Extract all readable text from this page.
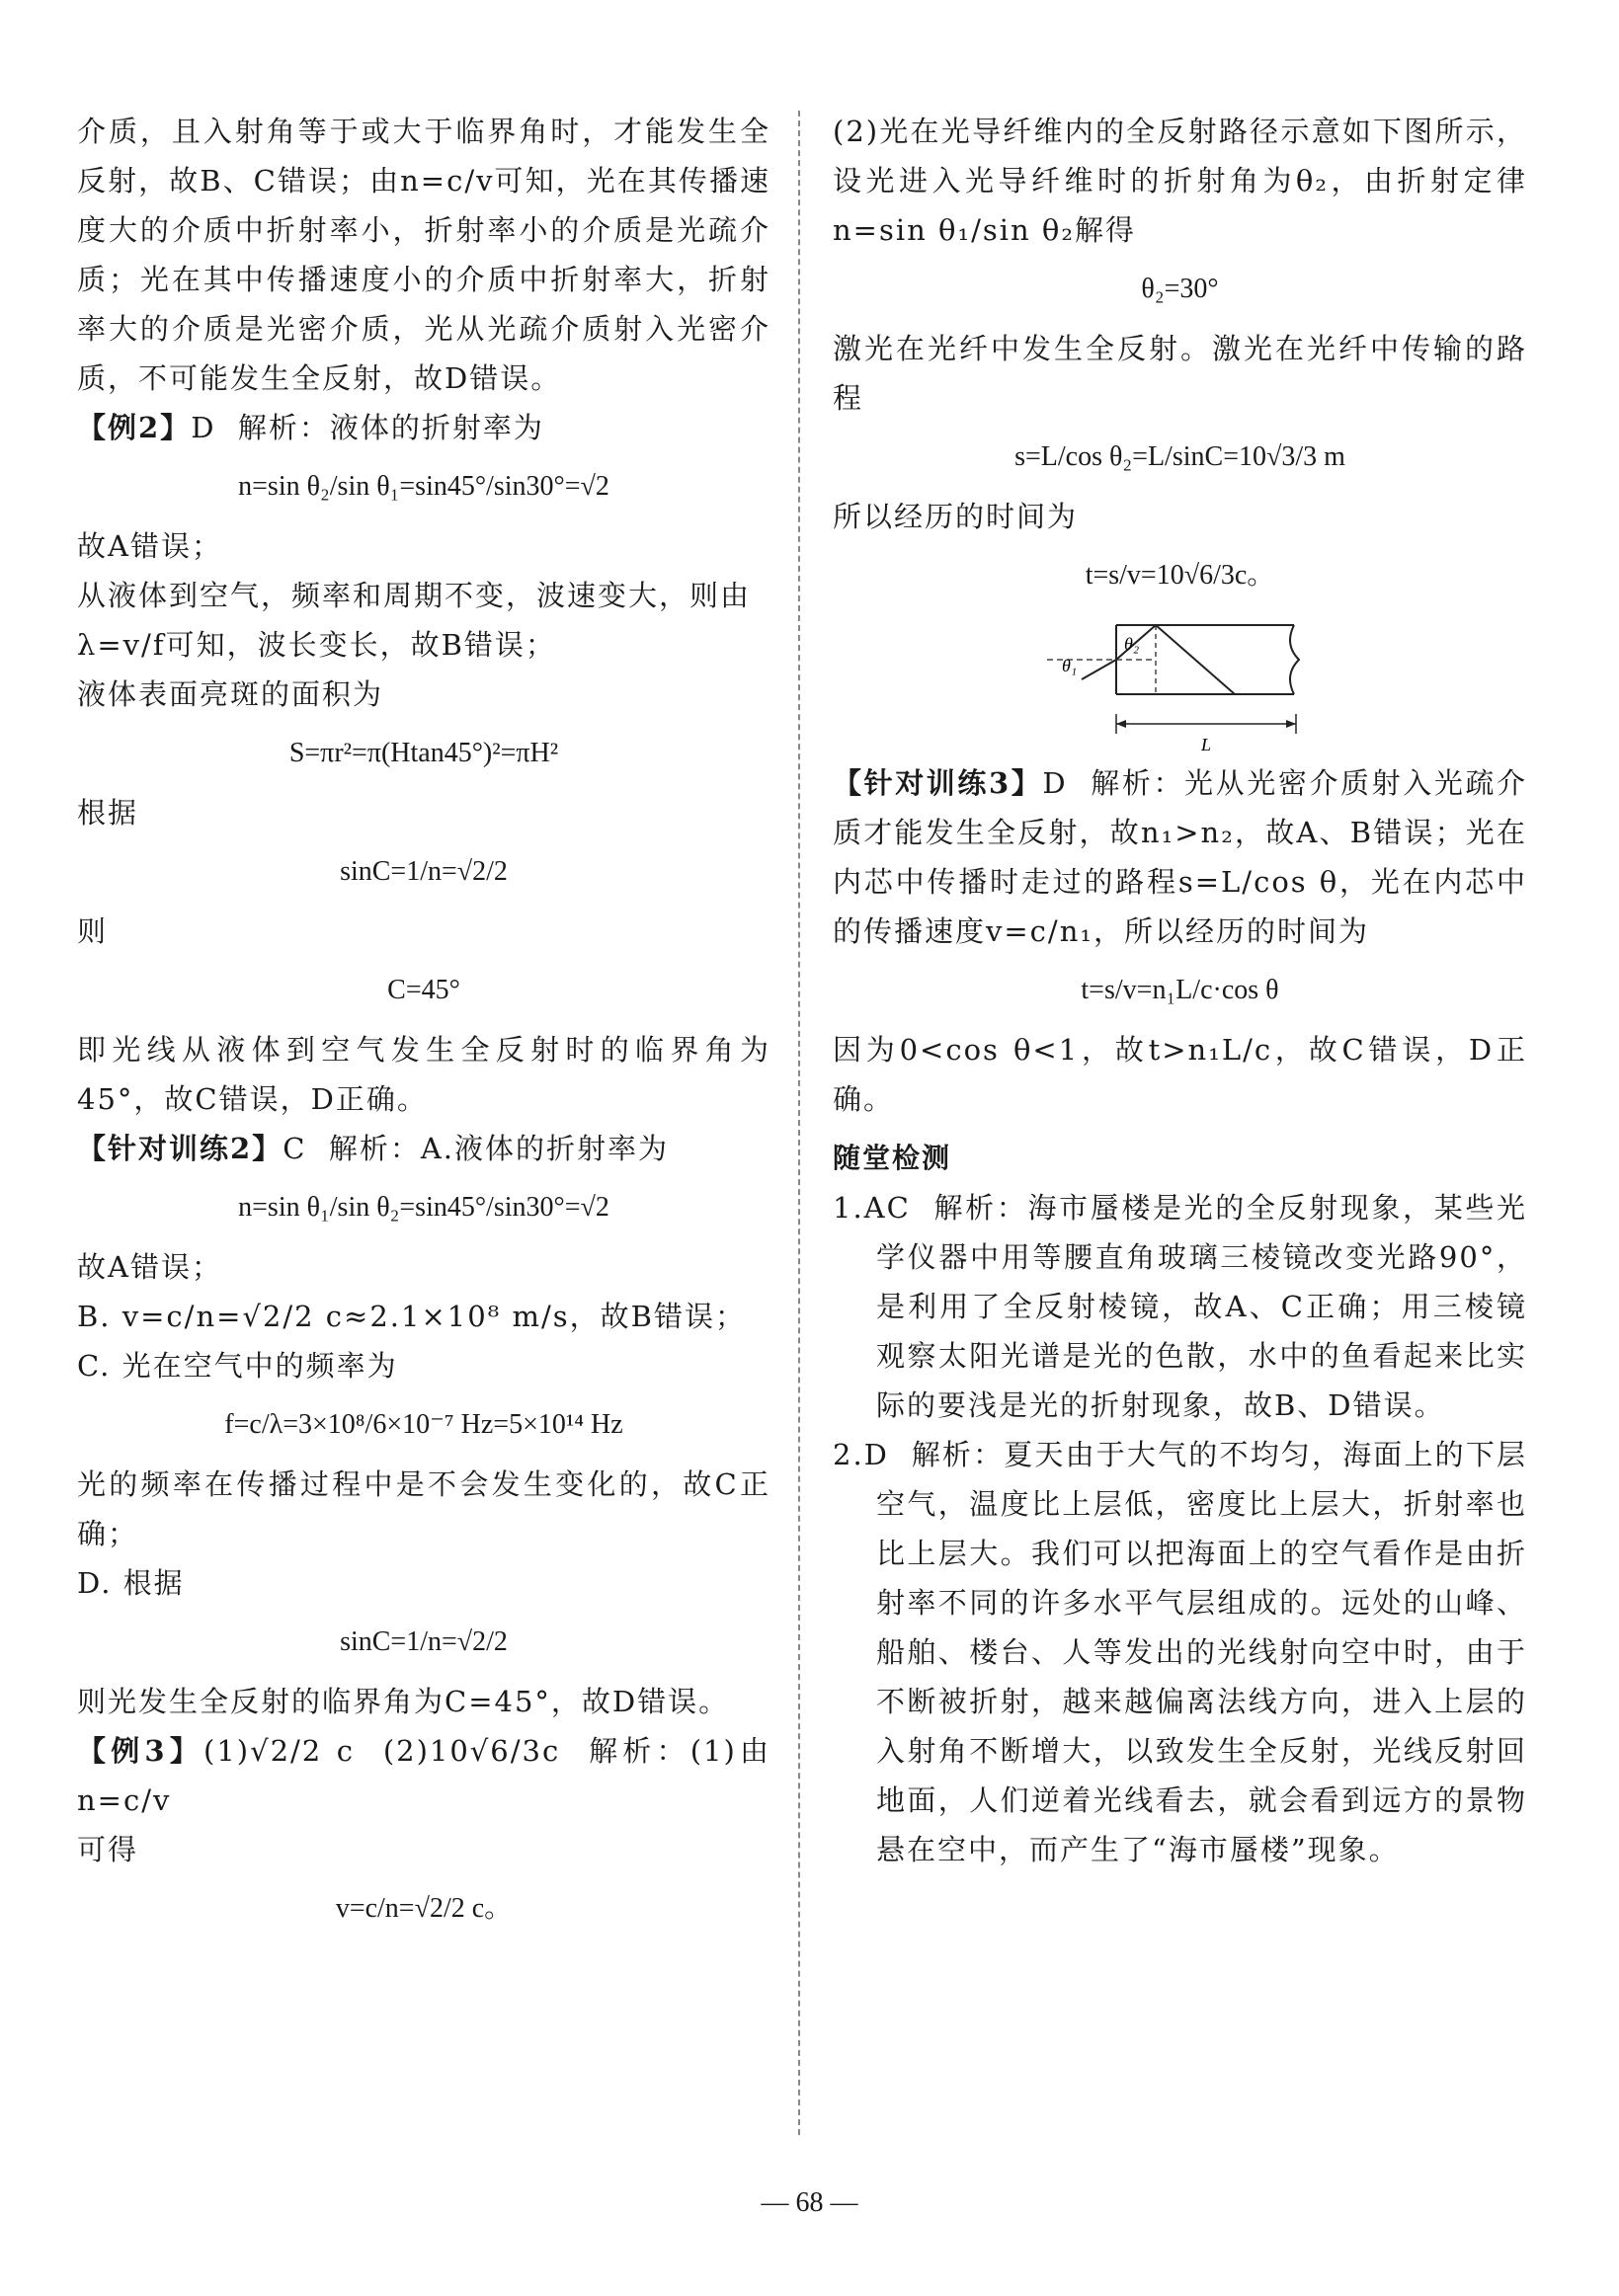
介质，且入射角等于或大于临界角时，才能发生全反射，故B、C错误；由n=c/v可知，光在其传播速度大的介质中折射率小，折射率小的介质是光疏介质；光在其中传播速度小的介质中折射率大，折射率大的介质是光密介质，光从光疏介质射入光密介质，不可能发生全反射，故D错误。

【例2】D 解析：液体的折射率为

n=sin θ₂/sin θ₁=sin45°/sin30°=√2

故A错误；

从液体到空气，频率和周期不变，波速变大，则由

λ=v/f可知，波长变长，故B错误；

液体表面亮斑的面积为

S=πr²=π(Htan45°)²=πH²

根据

sinC=1/n=√2/2

则

C=45°

即光线从液体到空气发生全反射时的临界角为45°，故C错误，D正确。

【针对训练2】C 解析：A.液体的折射率为

n=sin θ₁/sin θ₂=sin45°/sin30°=√2

故A错误；

B. v=c/n=√2/2 c≈2.1×10⁸ m/s，故B错误；

C. 光在空气中的频率为

f=c/λ=3×10⁸/6×10⁻⁷ Hz=5×10¹⁴ Hz

光的频率在传播过程中是不会发生变化的，故C正确；

D. 根据

sinC=1/n=√2/2

则光发生全反射的临界角为C=45°，故D错误。

【例3】(1)√2/2 c (2)10√6/3c 解析：(1)由n=c/v

可得

v=c/n=√2/2 c。

(2)光在光导纤维内的全反射路径示意如下图所示，设光进入光导纤维时的折射角为θ₂，由折射定律n=sin θ₁/sin θ₂解得

θ₂=30°

激光在光纤中发生全反射。激光在光纤中传输的路程

s=L/cos θ₂=L/sinC=10√3/3 m

所以经历的时间为

t=s/v=10√6/3c。

θ₁
θ₂
L

【针对训练3】D 解析：光从光密介质射入光疏介质才能发生全反射，故n₁>n₂，故A、B错误；光在内芯中传播时走过的路程s=L/cos θ，光在内芯中的传播速度v=c/n₁，所以经历的时间为

t=s/v=n₁L/c·cos θ

因为0<cos θ<1，故t>n₁L/c，故C错误，D正确。

随堂检测

1.AC 解析：海市蜃楼是光的全反射现象，某些光学仪器中用等腰直角玻璃三棱镜改变光路90°，是利用了全反射棱镜，故A、C正确；用三棱镜观察太阳光谱是光的色散，水中的鱼看起来比实际的要浅是光的折射现象，故B、D错误。

2.D 解析：夏天由于大气的不均匀，海面上的下层空气，温度比上层低，密度比上层大，折射率也比上层大。我们可以把海面上的空气看作是由折射率不同的许多水平气层组成的。远处的山峰、船舶、楼台、人等发出的光线射向空中时，由于不断被折射，越来越偏离法线方向，进入上层的入射角不断增大，以致发生全反射，光线反射回地面，人们逆着光线看去，就会看到远方的景物悬在空中，而产生了“海市蜃楼”现象。

— 68 —
